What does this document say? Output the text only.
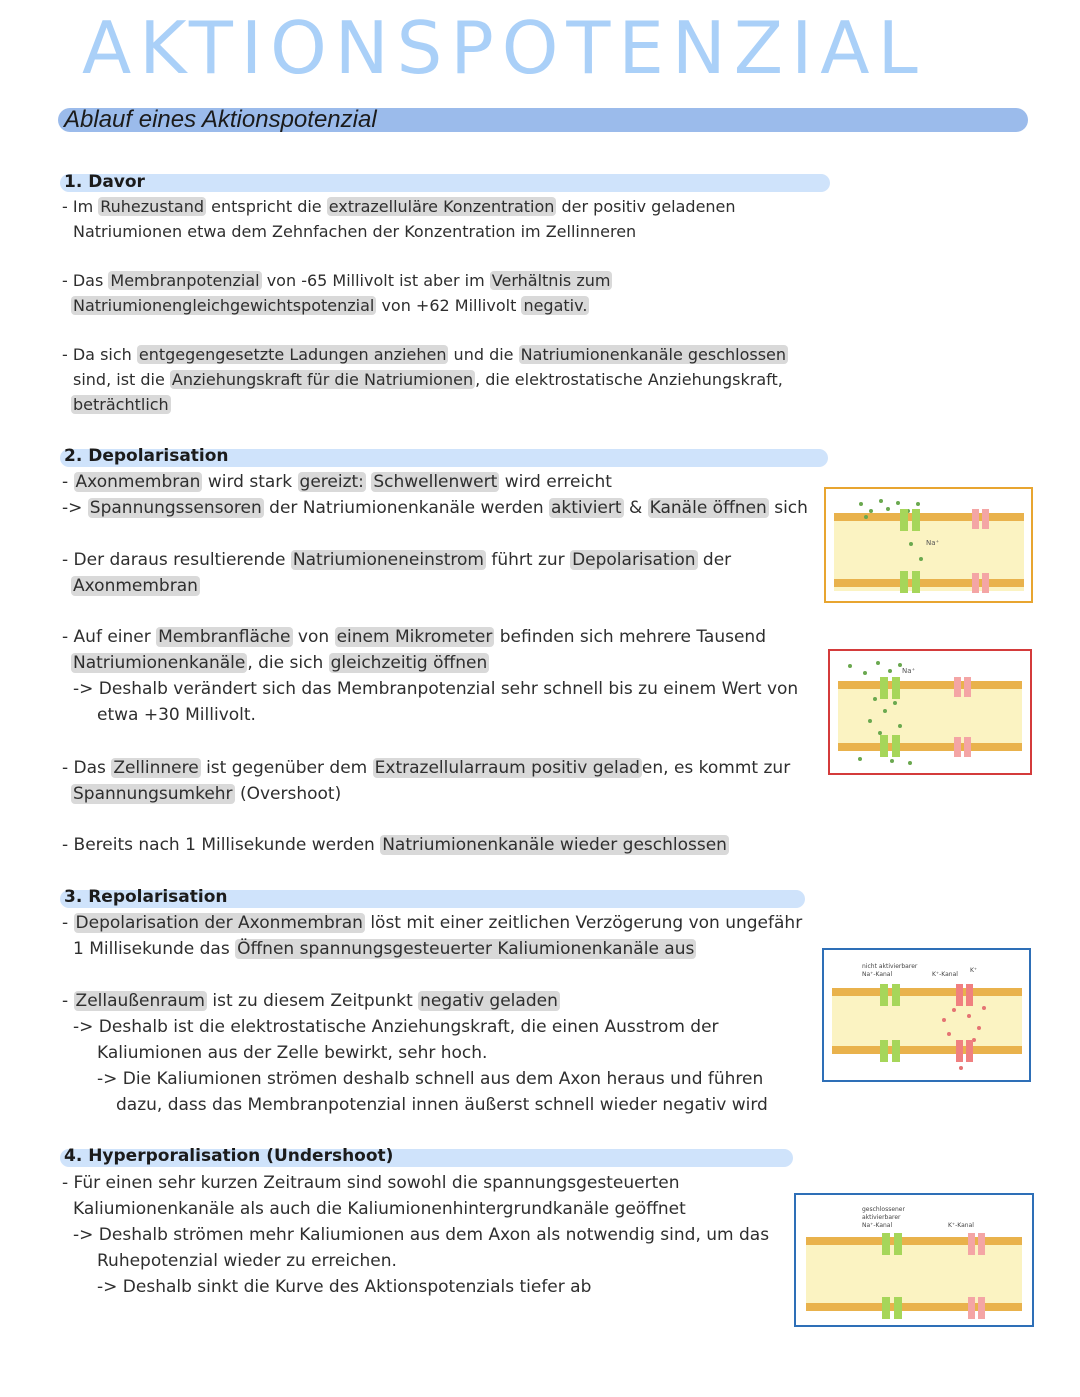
AKTIONSPOTENZIAL
Ablauf eines Aktionspotenzial
1. Davor
- Im Ruhezustand entspricht die extrazelluläre Konzentration der positiv geladenen
Natriumionen etwa dem Zehnfachen der Konzentration im Zellinneren
- Das Membranpotenzial von -65 Millivolt ist aber im Verhältnis zum
Natriumionengleichgewichtspotenzial von +62 Millivolt negativ.
- Da sich entgegengesetzte Ladungen anziehen und die Natriumionenkanäle geschlossen
sind, ist die Anziehungskraft für die Natriumionen , die elektrostatische Anziehungskraft,
beträchtlich
2. Depolarisation
- Axonmembran wird stark gereizt: Schwellenwert wird erreicht
-> Spannungssensoren der Natriumionenkanäle werden aktiviert & Kanäle öffnen sich
- Der daraus resultierende Natriumioneneinstrom führt zur Depolarisation der
Axonmembran
- Auf einer Membranfläche von einem Mikrometer befinden sich mehrere Tausend
Natriumionenkanäle , die sich gleichzeitig öffnen
-> Deshalb verändert sich das Membranpotenzial sehr schnell bis zu einem Wert von
etwa +30 Millivolt.
- Das Zellinnere ist gegenüber dem Extrazellularraum positiv gelad en, es kommt zur
Spannungsumkehr (Overshoot)
- Bereits nach 1 Millisekunde werden Natriumionenkanäle wieder geschlossen
3. Repolarisation
- Depolarisation der Axonmembran löst mit einer zeitlichen Verzögerung von ungefähr
1 Millisekunde das Öffnen spannungsgesteuerter Kaliumionenkanäle aus
- Zellaußenraum ist zu diesem Zeitpunkt negativ geladen
-> Deshalb ist die elektrostatische Anziehungskraft, die einen Ausstrom der
Kaliumionen aus der Zelle bewirkt, sehr hoch.
-> Die Kaliumionen strömen deshalb schnell aus dem Axon heraus und führen
dazu, dass das Membranpotenzial innen äußerst schnell wieder negativ wird
4. Hyperporalisation (Undershoot)
- Für einen sehr kurzen Zeitraum sind sowohl die spannungsgesteuerten
Kaliumionenkanäle als auch die Kaliumionenhintergrundkanäle geöffnet
-> Deshalb strömen mehr Kaliumionen aus dem Axon als notwendig sind, um das
Ruhepotenzial wieder zu erreichen.
-> Deshalb sinkt die Kurve des Aktionspotenzials tiefer ab
Na⁺
Na⁺
nicht aktivierbarer
Na⁺-Kanal	K⁺-Kanal
K⁺
geschlossener
aktivierbarer
Na⁺-Kanal	K⁺-Kanal
